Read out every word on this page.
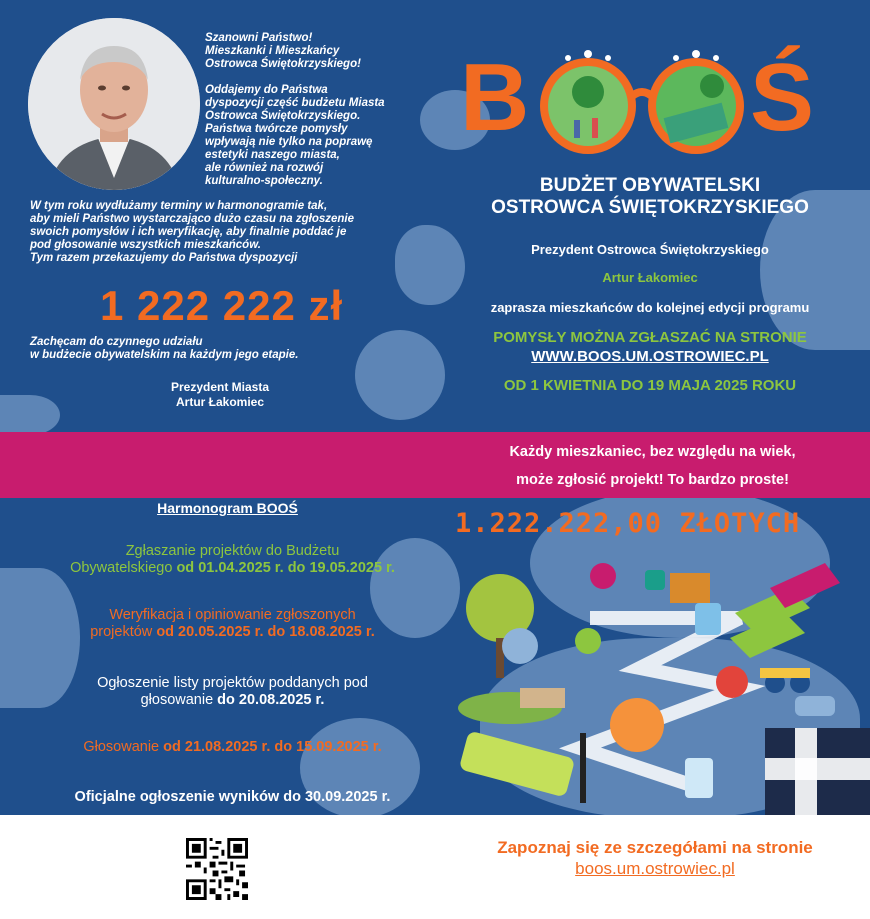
Szanowni Państwo!
Mieszkanki i Mieszkańcy
Ostrowca Świętokrzyskiego!

Oddajemy do Państwa
dyspozycji część budżetu Miasta
Ostrowca Świętokrzyskiego.
Państwa twórcze pomysły
wpływają nie tylko na poprawę
estetyki naszego miasta,
ale również na rozwój
kulturalno-społeczny.

W tym roku wydłużamy terminy w harmonogramie tak,
aby mieli Państwo wystarczająco dużo czasu na zgłoszenie
swoich pomysłów i ich weryfikację, aby finalnie poddać je
pod głosowanie wszystkich mieszkańców.
Tym razem przekazujemy do Państwa dyspozycji
1 222 222 zł
Zachęcam do czynnego udziału
w budżecie obywatelskim na każdym jego etapie.
Prezydent Miasta
Artur Łakomiec
B Ś
BUDŻET OBYWATELSKI
OSTROWCA ŚWIĘTOKRZYSKIEGO
Prezydent Ostrowca Świętokrzyskiego
Artur Łakomiec
zaprasza mieszkańców do kolejnej edycji programu
POMYSŁY MOŻNA ZGŁASZAĆ NA STRONIE
WWW.BOOS.UM.OSTROWIEC.PL
OD 1 KWIETNIA DO 19 MAJA 2025 ROKU
Każdy mieszkaniec, bez względu na wiek,
może zgłosić projekt! To bardzo proste!
Harmonogram BOOŚ
Zgłaszanie projektów do Budżetu
Obywatelskiego od 01.04.2025 r. do 19.05.2025 r.
Weryfikacja i opiniowanie zgłoszonych
projektów od 20.05.2025 r. do 18.08.2025 r.
Ogłoszenie listy projektów poddanych pod
głosowanie do 20.08.2025 r.
Głosowanie od 21.08.2025 r. do 15.09.2025 r.
Oficjalne ogłoszenie wyników do 30.09.2025 r.
1.222.222,00 ZŁOTYCH
Zapoznaj się ze szczegółami na stronie
boos.um.ostrowiec.pl
